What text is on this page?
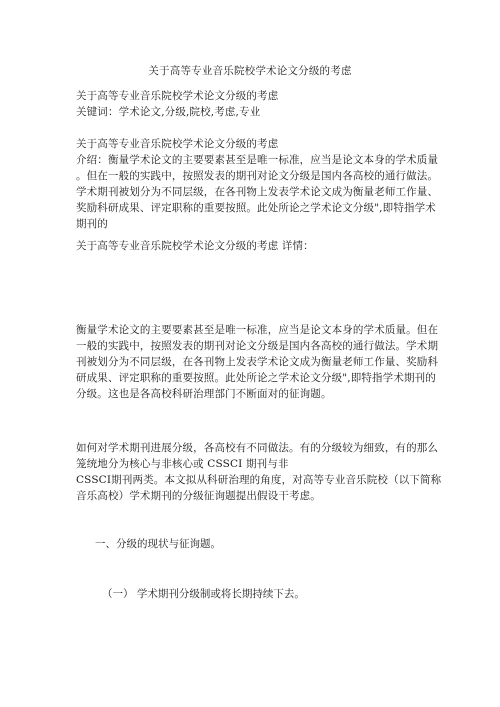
关于高等专业音乐院校学术论文分级的考虑
关于高等专业音乐院校学术论文分级的考虑
关键词：学术论文,分级,院校,考虑,专业
关于高等专业音乐院校学术论文分级的考虑
介绍：衡量学术论文的主要要素甚至是唯一标准，应当是论文本身的学术质量
。但在一般的实践中，按照发表的期刊对论文分级是国内各高校的通行做法。
学术期刊被划分为不同层级，在各刊物上发表学术论文成为衡量老师工作量、
奖励科研成果、评定职称的重要按照。此处所论之学术论文分级",即特指学术
期刊的
关于高等专业音乐院校学术论文分级的考虑 详情：
衡量学术论文的主要要素甚至是唯一标准，应当是论文本身的学术质量。但在
一般的实践中，按照发表的期刊对论文分级是国内各高校的通行做法。学术期
刊被划分为不同层级，在各刊物上发表学术论文成为衡量老师工作量、奖励科
研成果、评定职称的重要按照。此处所论之学术论文分级",即特指学术期刊的
分级。这也是各高校科研治理部门不断面对的征询题。
如何对学术期刊进展分级，各高校有不同做法。有的分级较为细致，有的那么
笼统地分为核心与非核心或 CSSCI 期刊与非
CSSCI期刊两类。本文拟从科研治理的角度，对高等专业音乐院校（以下简称
音乐高校）学术期刊的分级征询题提出假设干考虑。
一、分级的现状与征询题。
（一） 学术期刊分级制或将长期持续下去。
